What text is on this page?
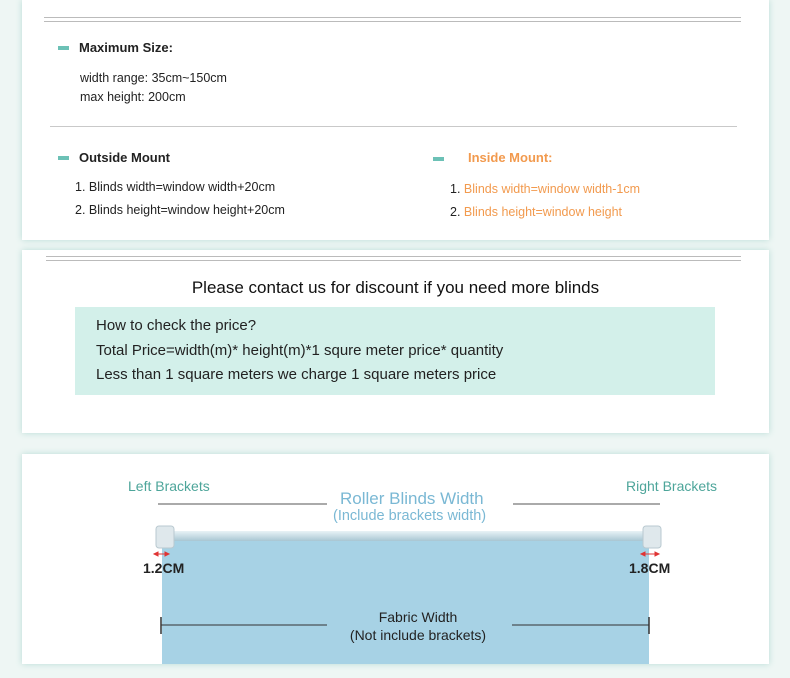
Maximum Size:
width range: 35cm~150cm
max height: 200cm
Outside Mount
1. Blinds width=window width+20cm
2. Blinds height=window height+20cm
Inside Mount:
1. Blinds width=window width-1cm
2. Blinds height=window height
Please contact us for discount if you need more blinds
How to check the price?
Total Price=width(m)* height(m)*1 squre meter price* quantity
Less than 1 square meters we charge 1 square meters price
Left Brackets	Right Brackets
Roller Blinds Width
(Include brackets width)
1.2CM	1.8CM
Fabric Width
(Not include brackets)
